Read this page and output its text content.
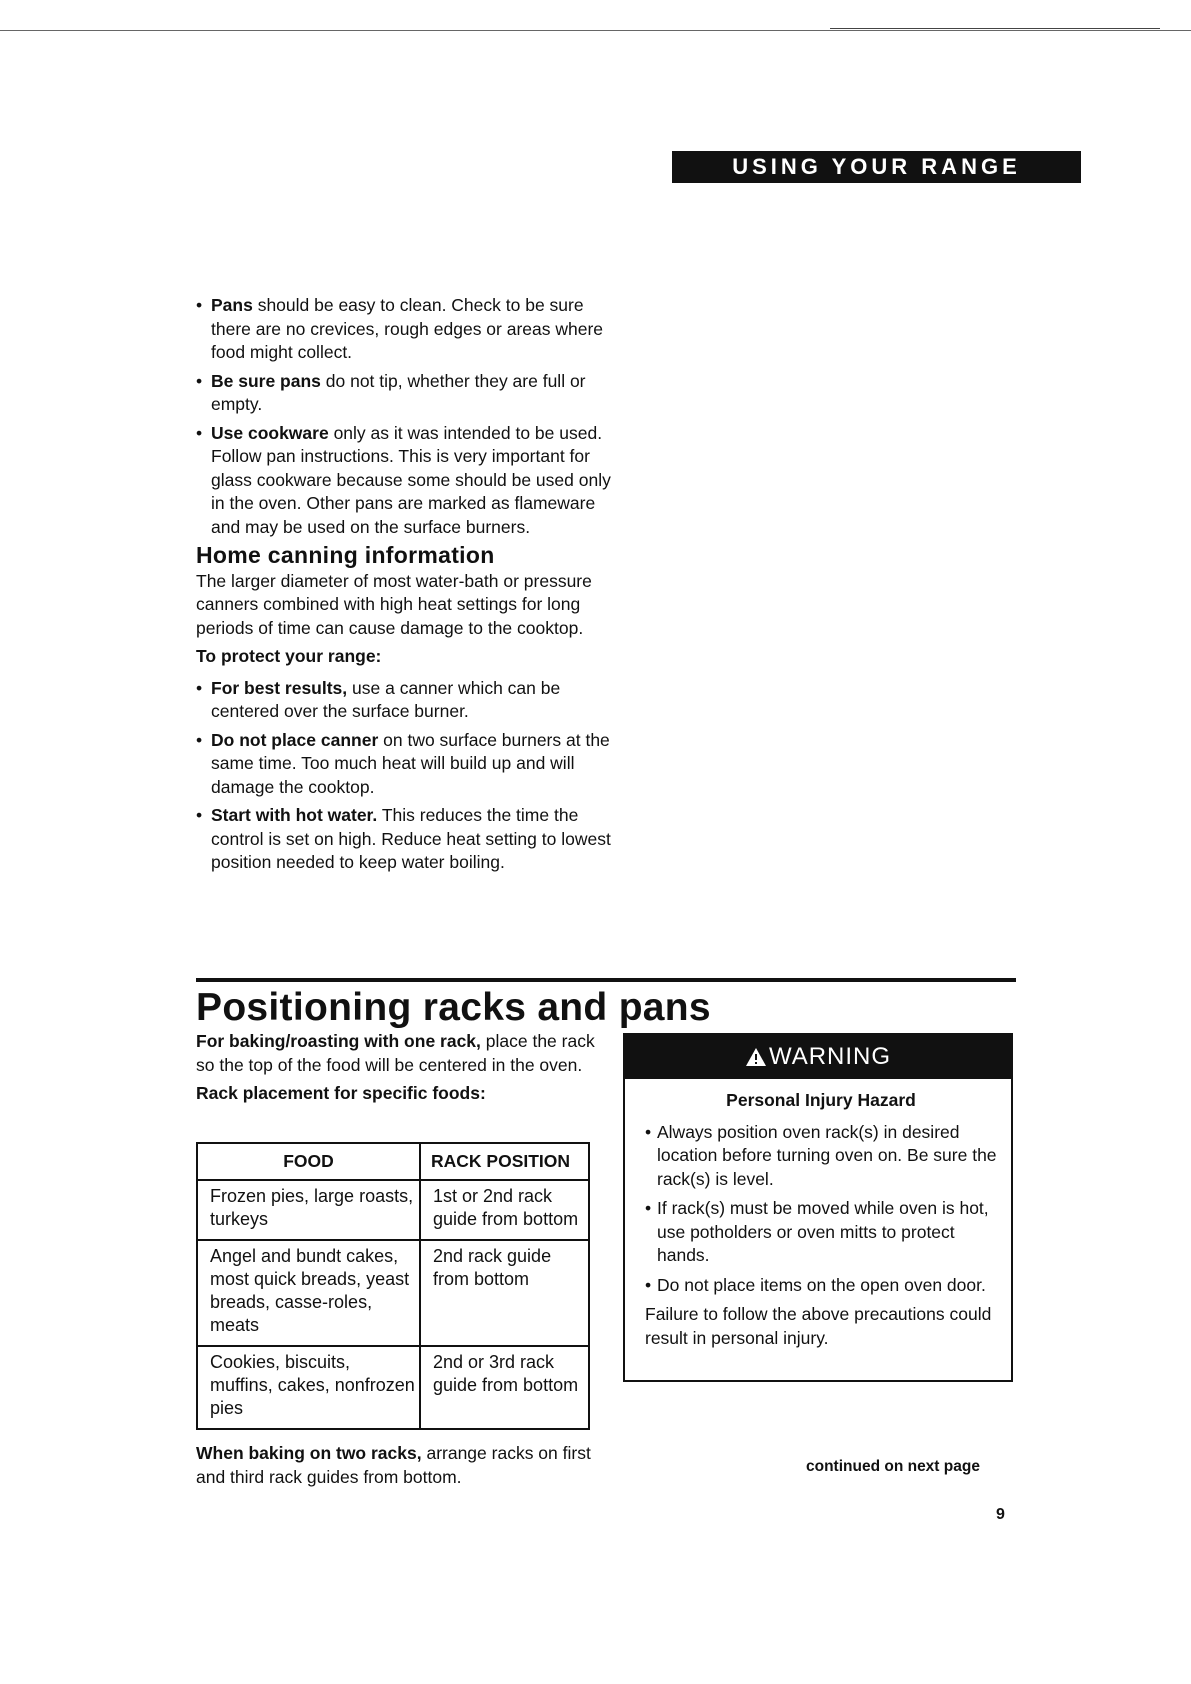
USING YOUR RANGE
• Pans should be easy to clean. Check to be sure there are no crevices, rough edges or areas where food might collect.
• Be sure pans do not tip, whether they are full or empty.
• Use cookware only as it was intended to be used. Follow pan instructions. This is very important for glass cookware because some should be used only in the oven. Other pans are marked as flameware and may be used on the surface burners.
Home canning information

The larger diameter of most water-bath or pressure canners combined with high heat settings for long periods of time can cause damage to the cooktop.

To protect your range:

• For best results, use a canner which can be centered over the surface burner.
• Do not place canner on two surface burners at the same time. Too much heat will build up and will damage the cooktop.
• Start with hot water. This reduces the time the control is set on high. Reduce heat setting to lowest position needed to keep water boiling.
Positioning racks and pans

For baking/roasting with one rack, place the rack so the top of the food will be centered in the oven.

Rack placement for specific foods:

FOOD	RACK POSITION
Frozen pies, large roasts, turkeys	1st or 2nd rack guide from bottom
Angel and bundt cakes, most quick breads, yeast breads, casse-roles, meats	2nd rack guide from bottom
Cookies, biscuits, muffins, cakes, nonfrozen pies	2nd or 3rd rack guide from bottom
When baking on two racks, arrange racks on first and third rack guides from bottom.
WARNING
Personal Injury Hazard
• Always position oven rack(s) in desired location before turning oven on. Be sure the rack(s) is level.
• If rack(s) must be moved while oven is hot, use potholders or oven mitts to protect hands.
• Do not place items on the open oven door.

Failure to follow the above precautions could result in personal injury.

continued on next page
9
